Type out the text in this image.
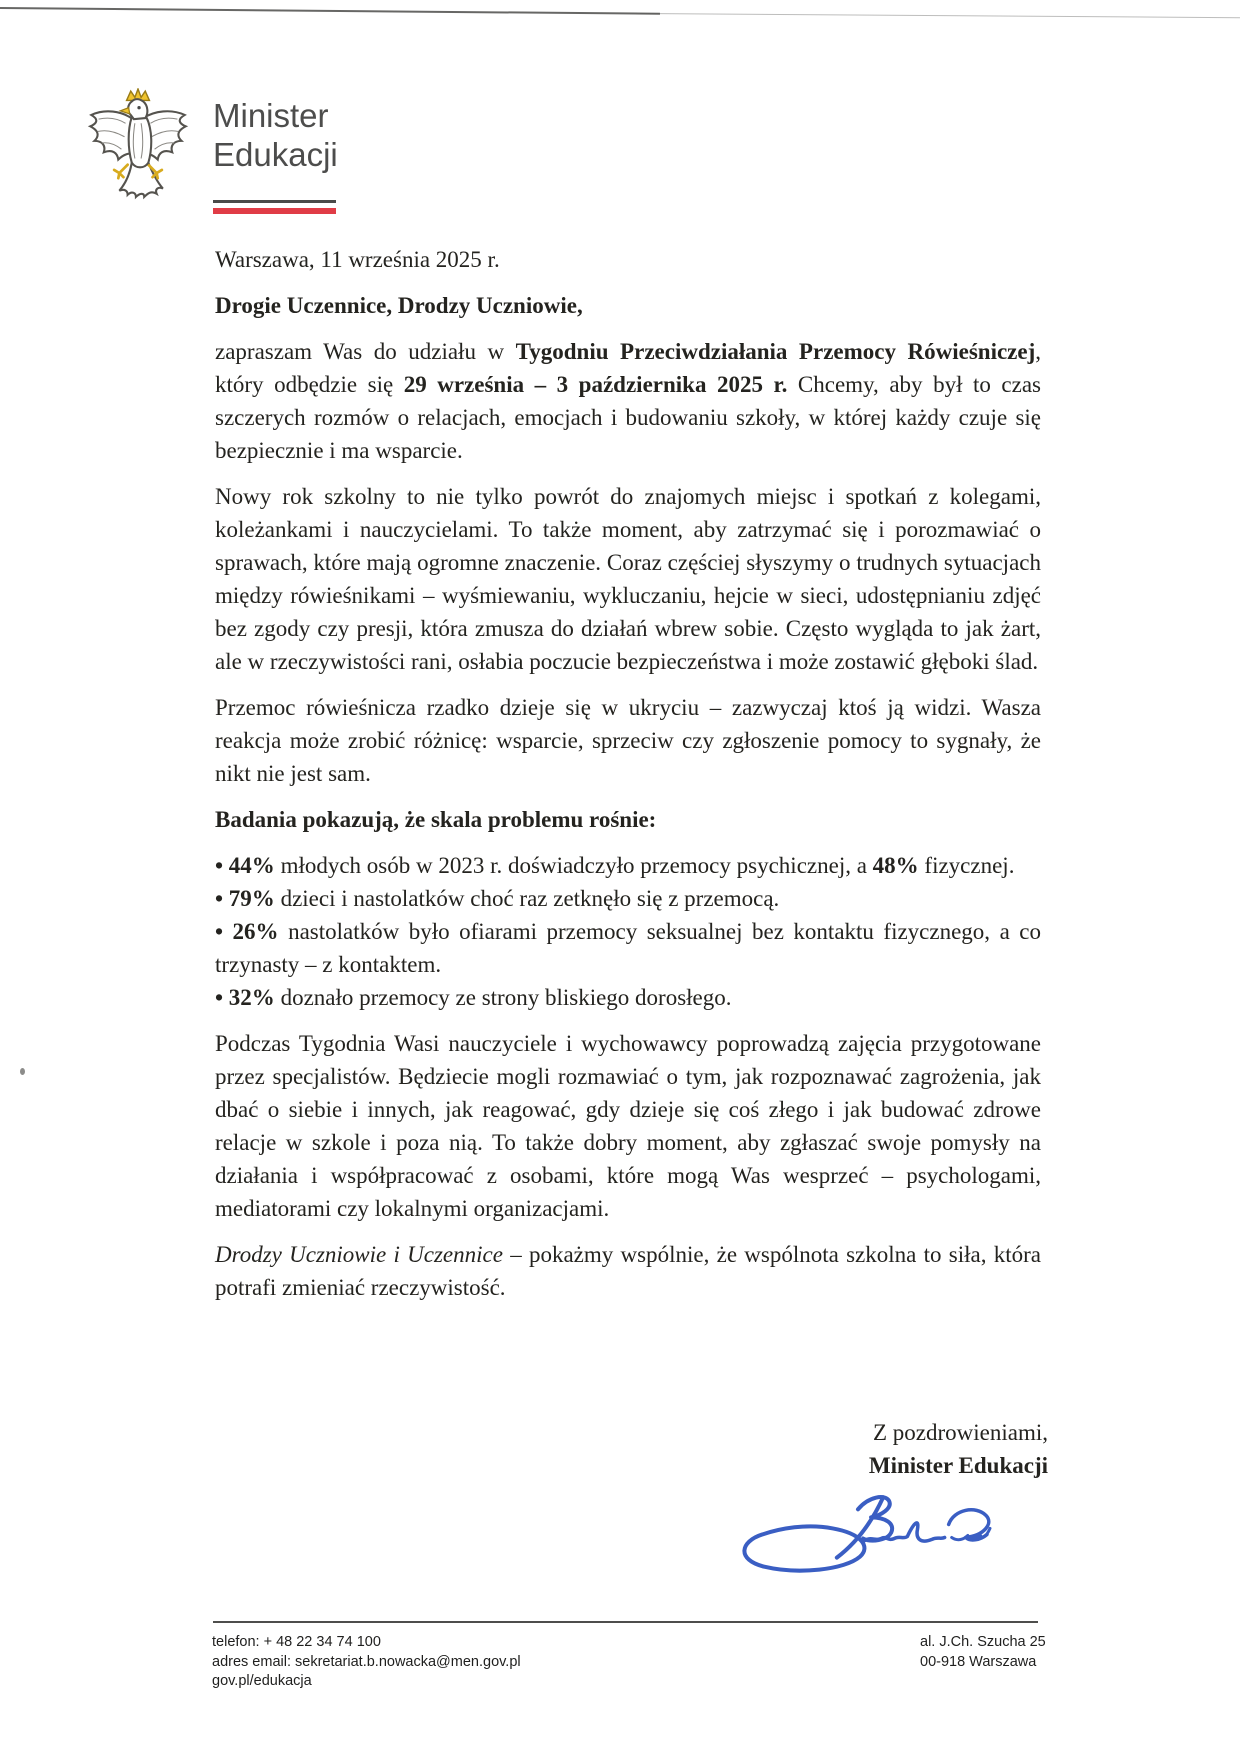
Minister
Edukacji

Warszawa, 11 września 2025 r.

Drogie Uczennice, Drodzy Uczniowie,

zapraszam Was do udziału w Tygodniu Przeciwdziałania Przemocy Rówieśniczej, który odbędzie się 29 września – 3 października 2025 r. Chcemy, aby był to czas szczerych rozmów o relacjach, emocjach i budowaniu szkoły, w której każdy czuje się bezpiecznie i ma wsparcie.

Nowy rok szkolny to nie tylko powrót do znajomych miejsc i spotkań z kolegami, koleżankami i nauczycielami. To także moment, aby zatrzymać się i porozmawiać o sprawach, które mają ogromne znaczenie. Coraz częściej słyszymy o trudnych sytuacjach między rówieśnikami – wyśmiewaniu, wykluczaniu, hejcie w sieci, udostępnianiu zdjęć bez zgody czy presji, która zmusza do działań wbrew sobie. Często wygląda to jak żart, ale w rzeczywistości rani, osłabia poczucie bezpieczeństwa i może zostawić głęboki ślad.

Przemoc rówieśnicza rzadko dzieje się w ukryciu – zazwyczaj ktoś ją widzi. Wasza reakcja może zrobić różnicę: wsparcie, sprzeciw czy zgłoszenie pomocy to sygnały, że nikt nie jest sam.

Badania pokazują, że skala problemu rośnie:

• 44% młodych osób w 2023 r. doświadczyło przemocy psychicznej, a 48% fizycznej.

• 79% dzieci i nastolatków choć raz zetknęło się z przemocą.

• 26% nastolatków było ofiarami przemocy seksualnej bez kontaktu fizycznego, a co trzynasty – z kontaktem.

• 32% doznało przemocy ze strony bliskiego dorosłego.

Podczas Tygodnia Wasi nauczyciele i wychowawcy poprowadzą zajęcia przygotowane przez specjalistów. Będziecie mogli rozmawiać o tym, jak rozpoznawać zagrożenia, jak dbać o siebie i innych, jak reagować, gdy dzieje się coś złego i jak budować zdrowe relacje w szkole i poza nią. To także dobry moment, aby zgłaszać swoje pomysły na działania i współpracować z osobami, które mogą Was wesprzeć – psychologami, mediatorami czy lokalnymi organizacjami.

Drodzy Uczniowie i Uczennice – pokażmy wspólnie, że wspólnota szkolna to siła, która potrafi zmieniać rzeczywistość.

Z pozdrowieniami,
Minister Edukacji
telefon: + 48 22 34 74 100
adres email: sekretariat.b.nowacka@men.gov.pl
gov.pl/edukacja
al. J.Ch. Szucha 25
00-918 Warszawa
